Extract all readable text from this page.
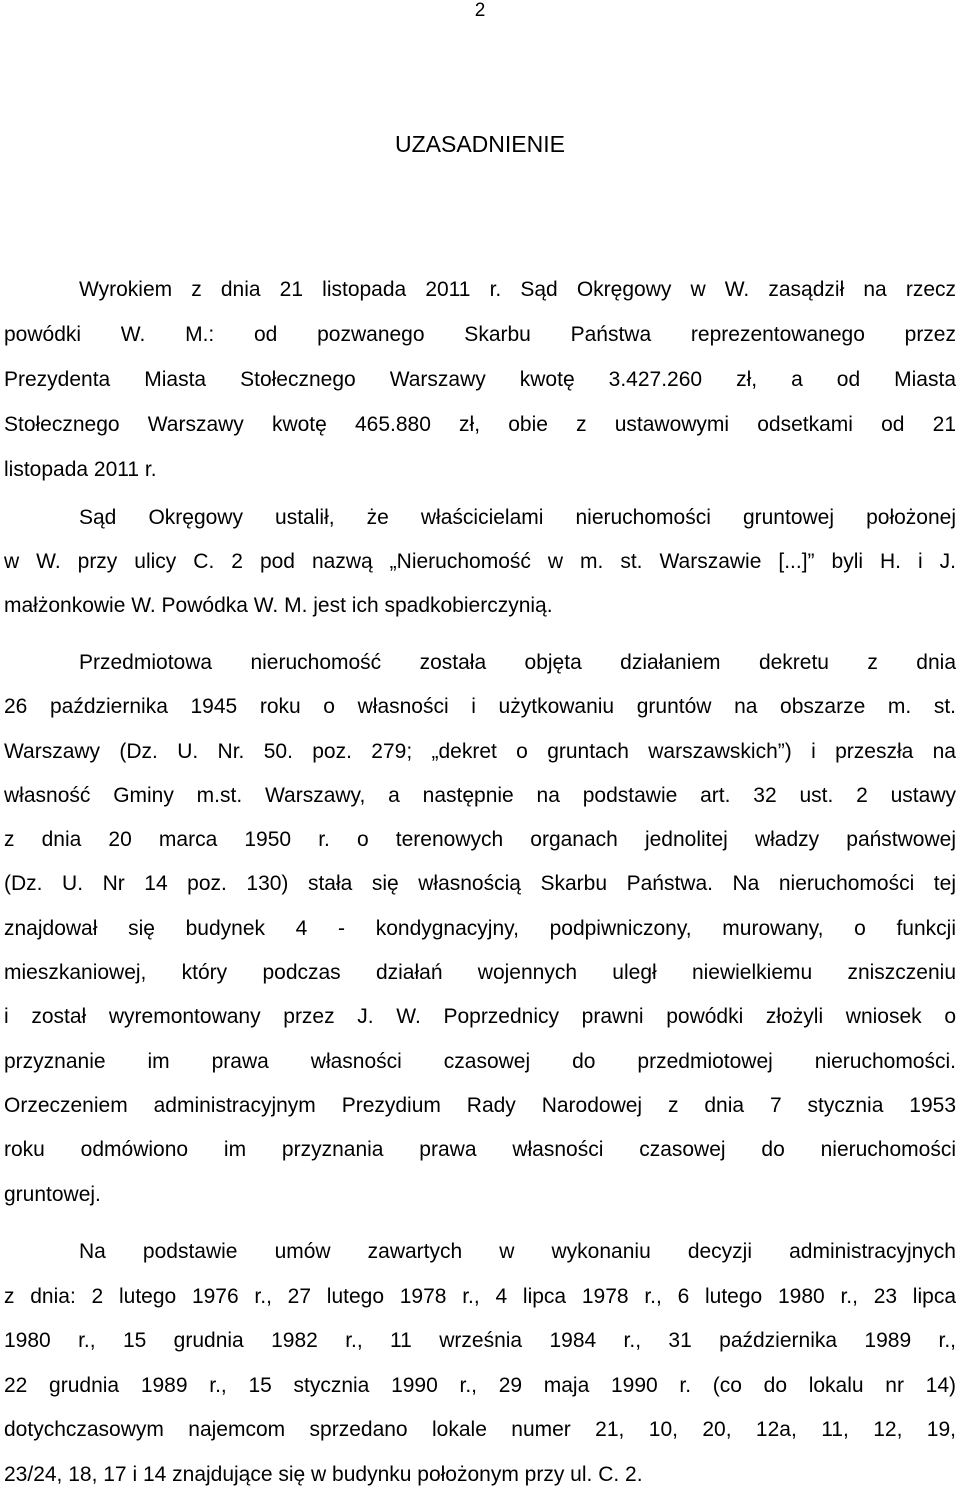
2
UZASADNIENIE
Wyrokiem z dnia 21 listopada 2011 r. Sąd Okręgowy w W. zasądził na rzecz
powódki W. M.: od pozwanego Skarbu Państwa reprezentowanego przez
Prezydenta Miasta Stołecznego Warszawy kwotę 3.427.260 zł, a od Miasta
Stołecznego Warszawy kwotę 465.880 zł, obie z ustawowymi odsetkami od 21
listopada 2011 r.
Sąd Okręgowy ustalił, że właścicielami nieruchomości gruntowej położonej
w W. przy ulicy C. 2 pod nazwą „Nieruchomość w m. st. Warszawie [...]” byli H. i J.
małżonkowie W. Powódka W. M. jest ich spadkobierczynią.
Przedmiotowa nieruchomość została objęta działaniem dekretu z dnia
26 października 1945 roku o własności i użytkowaniu gruntów na obszarze m. st.
Warszawy (Dz. U. Nr. 50. poz. 279; „dekret o gruntach warszawskich”) i przeszła na
własność Gminy m.st. Warszawy, a następnie na podstawie art. 32 ust. 2 ustawy
z dnia 20 marca 1950 r. o terenowych organach jednolitej władzy państwowej
(Dz. U. Nr 14 poz. 130) stała się własnością Skarbu Państwa. Na nieruchomości tej
znajdował się budynek 4 - kondygnacyjny, podpiwniczony, murowany, o funkcji
mieszkaniowej, który podczas działań wojennych uległ niewielkiemu zniszczeniu
i został wyremontowany przez J. W. Poprzednicy prawni powódki złożyli wniosek o
przyznanie im prawa własności czasowej do przedmiotowej nieruchomości.
Orzeczeniem administracyjnym Prezydium Rady Narodowej z dnia 7 stycznia 1953
roku odmówiono im przyznania prawa własności czasowej do nieruchomości
gruntowej.
Na podstawie umów zawartych w wykonaniu decyzji administracyjnych
z dnia: 2 lutego 1976 r., 27 lutego 1978 r., 4 lipca 1978 r., 6 lutego 1980 r., 23 lipca
1980 r., 15 grudnia 1982 r., 11 września 1984 r., 31 października 1989 r.,
22 grudnia 1989 r., 15 stycznia 1990 r., 29 maja 1990 r. (co do lokalu nr 14)
dotychczasowym najemcom sprzedano lokale numer 21, 10, 20, 12a, 11, 12, 19,
23/24, 18, 17 i 14 znajdujące się w budynku położonym przy ul. C. 2.
